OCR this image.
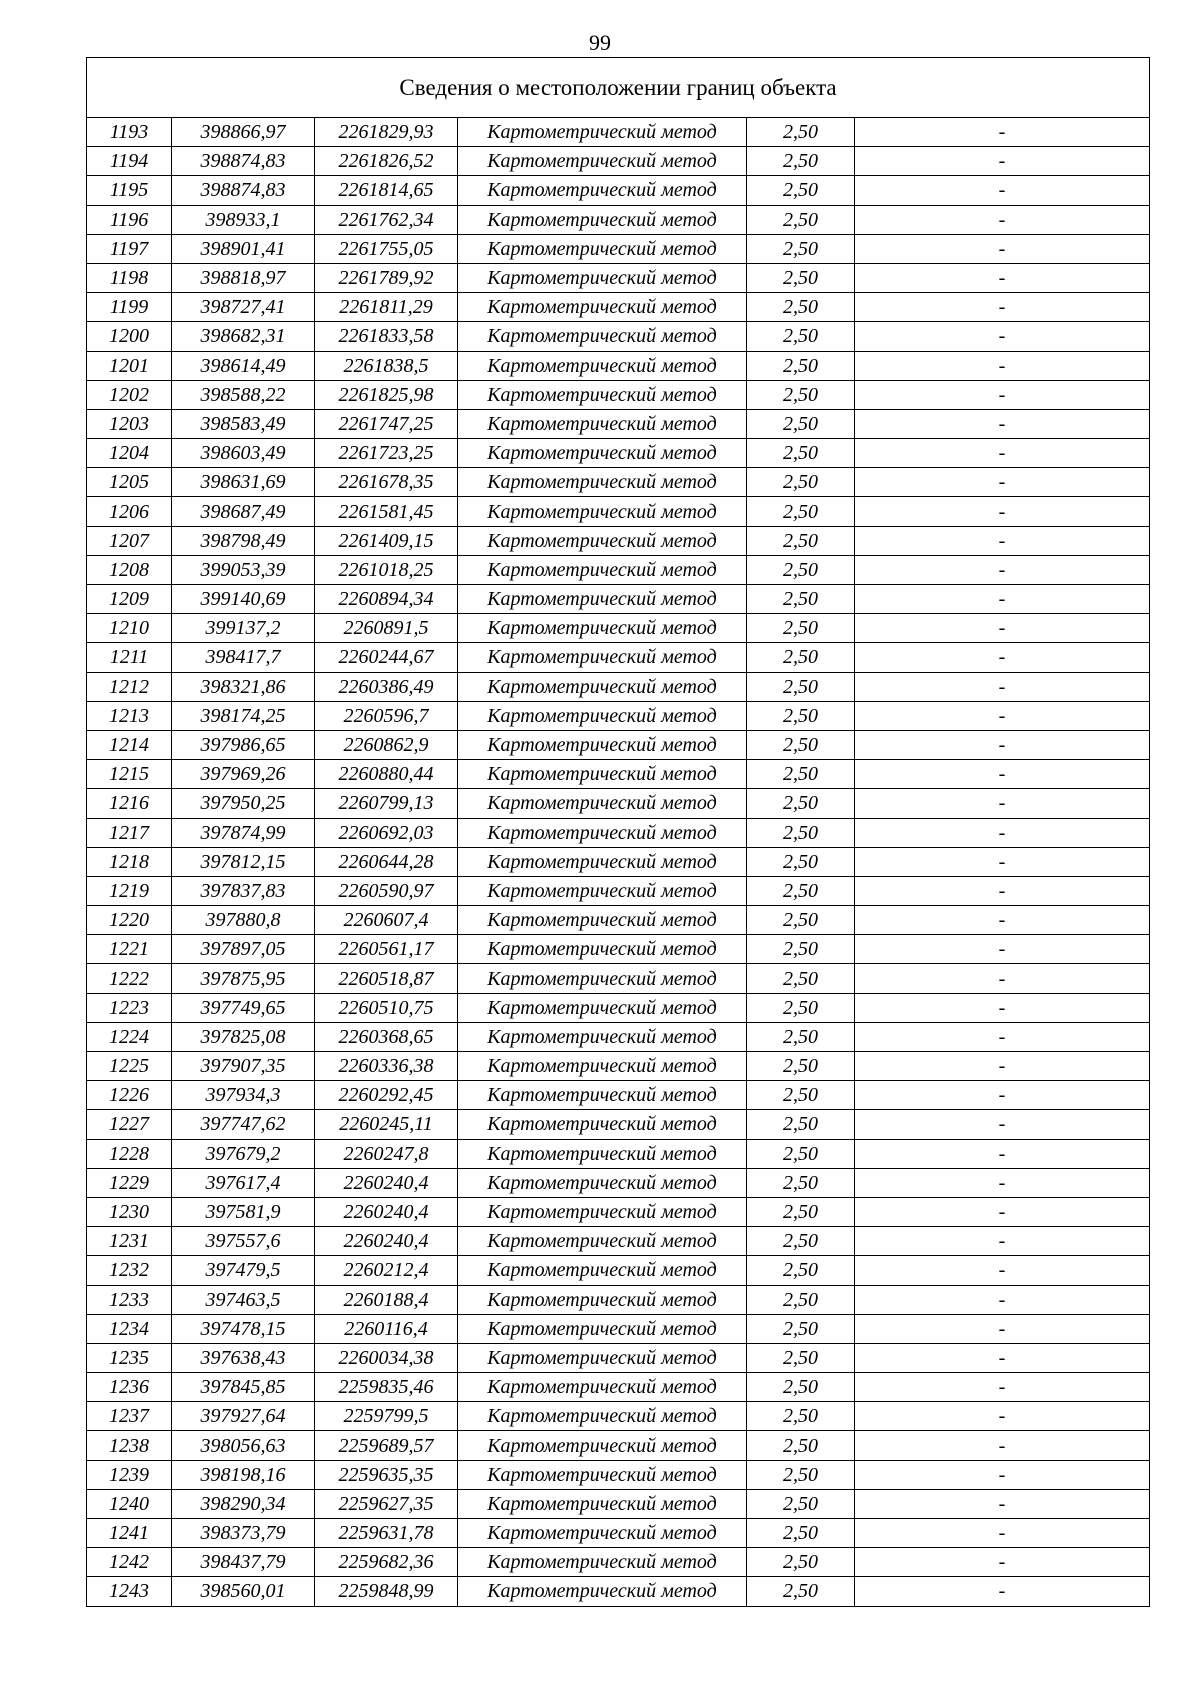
99
Сведения о местоположении границ объекта					
1193	398866,97	2261829,93	Картометрический метод	2,50	-
1194	398874,83	2261826,52	Картометрический метод	2,50	-
1195	398874,83	2261814,65	Картометрический метод	2,50	-
1196	398933,1	2261762,34	Картометрический метод	2,50	-
1197	398901,41	2261755,05	Картометрический метод	2,50	-
1198	398818,97	2261789,92	Картометрический метод	2,50	-
1199	398727,41	2261811,29	Картометрический метод	2,50	-
1200	398682,31	2261833,58	Картометрический метод	2,50	-
1201	398614,49	2261838,5	Картометрический метод	2,50	-
1202	398588,22	2261825,98	Картометрический метод	2,50	-
1203	398583,49	2261747,25	Картометрический метод	2,50	-
1204	398603,49	2261723,25	Картометрический метод	2,50	-
1205	398631,69	2261678,35	Картометрический метод	2,50	-
1206	398687,49	2261581,45	Картометрический метод	2,50	-
1207	398798,49	2261409,15	Картометрический метод	2,50	-
1208	399053,39	2261018,25	Картометрический метод	2,50	-
1209	399140,69	2260894,34	Картометрический метод	2,50	-
1210	399137,2	2260891,5	Картометрический метод	2,50	-
1211	398417,7	2260244,67	Картометрический метод	2,50	-
1212	398321,86	2260386,49	Картометрический метод	2,50	-
1213	398174,25	2260596,7	Картометрический метод	2,50	-
1214	397986,65	2260862,9	Картометрический метод	2,50	-
1215	397969,26	2260880,44	Картометрический метод	2,50	-
1216	397950,25	2260799,13	Картометрический метод	2,50	-
1217	397874,99	2260692,03	Картометрический метод	2,50	-
1218	397812,15	2260644,28	Картометрический метод	2,50	-
1219	397837,83	2260590,97	Картометрический метод	2,50	-
1220	397880,8	2260607,4	Картометрический метод	2,50	-
1221	397897,05	2260561,17	Картометрический метод	2,50	-
1222	397875,95	2260518,87	Картометрический метод	2,50	-
1223	397749,65	2260510,75	Картометрический метод	2,50	-
1224	397825,08	2260368,65	Картометрический метод	2,50	-
1225	397907,35	2260336,38	Картометрический метод	2,50	-
1226	397934,3	2260292,45	Картометрический метод	2,50	-
1227	397747,62	2260245,11	Картометрический метод	2,50	-
1228	397679,2	2260247,8	Картометрический метод	2,50	-
1229	397617,4	2260240,4	Картометрический метод	2,50	-
1230	397581,9	2260240,4	Картометрический метод	2,50	-
1231	397557,6	2260240,4	Картометрический метод	2,50	-
1232	397479,5	2260212,4	Картометрический метод	2,50	-
1233	397463,5	2260188,4	Картометрический метод	2,50	-
1234	397478,15	2260116,4	Картометрический метод	2,50	-
1235	397638,43	2260034,38	Картометрический метод	2,50	-
1236	397845,85	2259835,46	Картометрический метод	2,50	-
1237	397927,64	2259799,5	Картометрический метод	2,50	-
1238	398056,63	2259689,57	Картометрический метод	2,50	-
1239	398198,16	2259635,35	Картометрический метод	2,50	-
1240	398290,34	2259627,35	Картометрический метод	2,50	-
1241	398373,79	2259631,78	Картометрический метод	2,50	-
1242	398437,79	2259682,36	Картометрический метод	2,50	-
1243	398560,01	2259848,99	Картометрический метод	2,50	-
